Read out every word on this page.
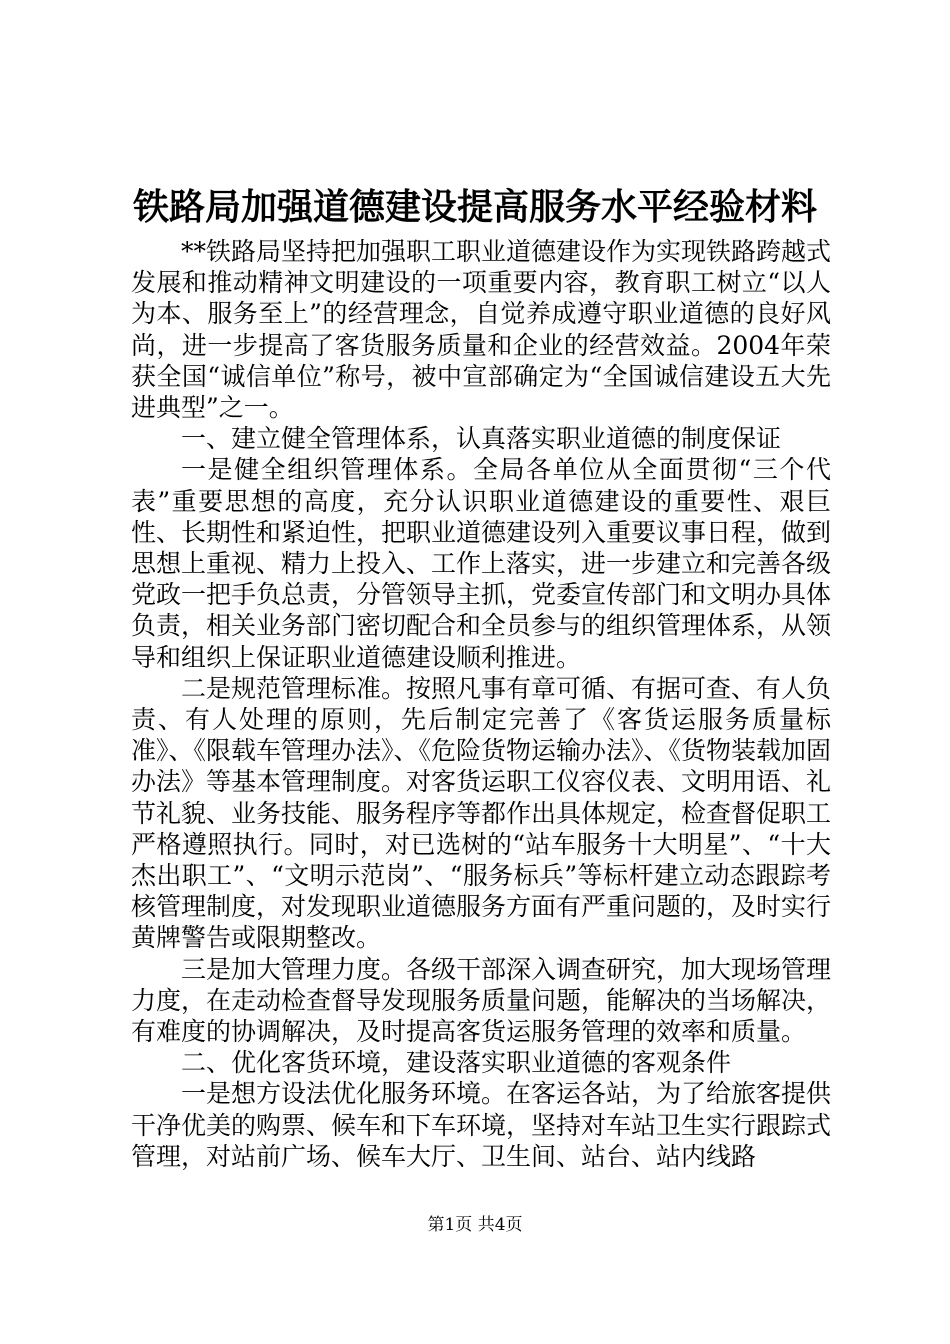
铁路局加强道德建设提高服务水平经验材料

**铁路局坚持把加强职工职业道德建设作为实现铁路跨越式发展和推动精神文明建设的一项重要内容，教育职工树立“以人为本、服务至上”的经营理念，自觉养成遵守职业道德的良好风尚，进一步提高了客货服务质量和企业的经营效益。2004年荣获全国“诚信单位”称号，被中宣部确定为“全国诚信建设五大先进典型”之一。

一、建立健全管理体系，认真落实职业道德的制度保证

一是健全组织管理体系。全局各单位从全面贯彻“三个代表”重要思想的高度，充分认识职业道德建设的重要性、艰巨性、长期性和紧迫性，把职业道德建设列入重要议事日程，做到思想上重视、精力上投入、工作上落实，进一步建立和完善各级党政一把手负总责，分管领导主抓，党委宣传部门和文明办具体负责，相关业务部门密切配合和全员参与的组织管理体系，从领导和组织上保证职业道德建设顺利推进。

二是规范管理标准。按照凡事有章可循、有据可查、有人负责、有人处理的原则，先后制定完善了《客货运服务质量标准》、《限载车管理办法》、《危险货物运输办法》、《货物装载加固办法》等基本管理制度。对客货运职工仪容仪表、文明用语、礼节礼貌、业务技能、服务程序等都作出具体规定，检查督促职工严格遵照执行。同时，对已选树的“站车服务十大明星”、“十大杰出职工”、“文明示范岗”、“服务标兵”等标杆建立动态跟踪考核管理制度，对发现职业道德服务方面有严重问题的，及时实行黄牌警告或限期整改。

三是加大管理力度。各级干部深入调查研究，加大现场管理力度，在走动检查督导发现服务质量问题，能解决的当场解决，有难度的协调解决，及时提高客货运服务管理的效率和质量。

二、优化客货环境，建设落实职业道德的客观条件

一是想方设法优化服务环境。在客运各站，为了给旅客提供干净优美的购票、候车和下车环境，坚持对车站卫生实行跟踪式管理，对站前广场、候车大厅、卫生间、站台、站内线路

第1页 共4页
